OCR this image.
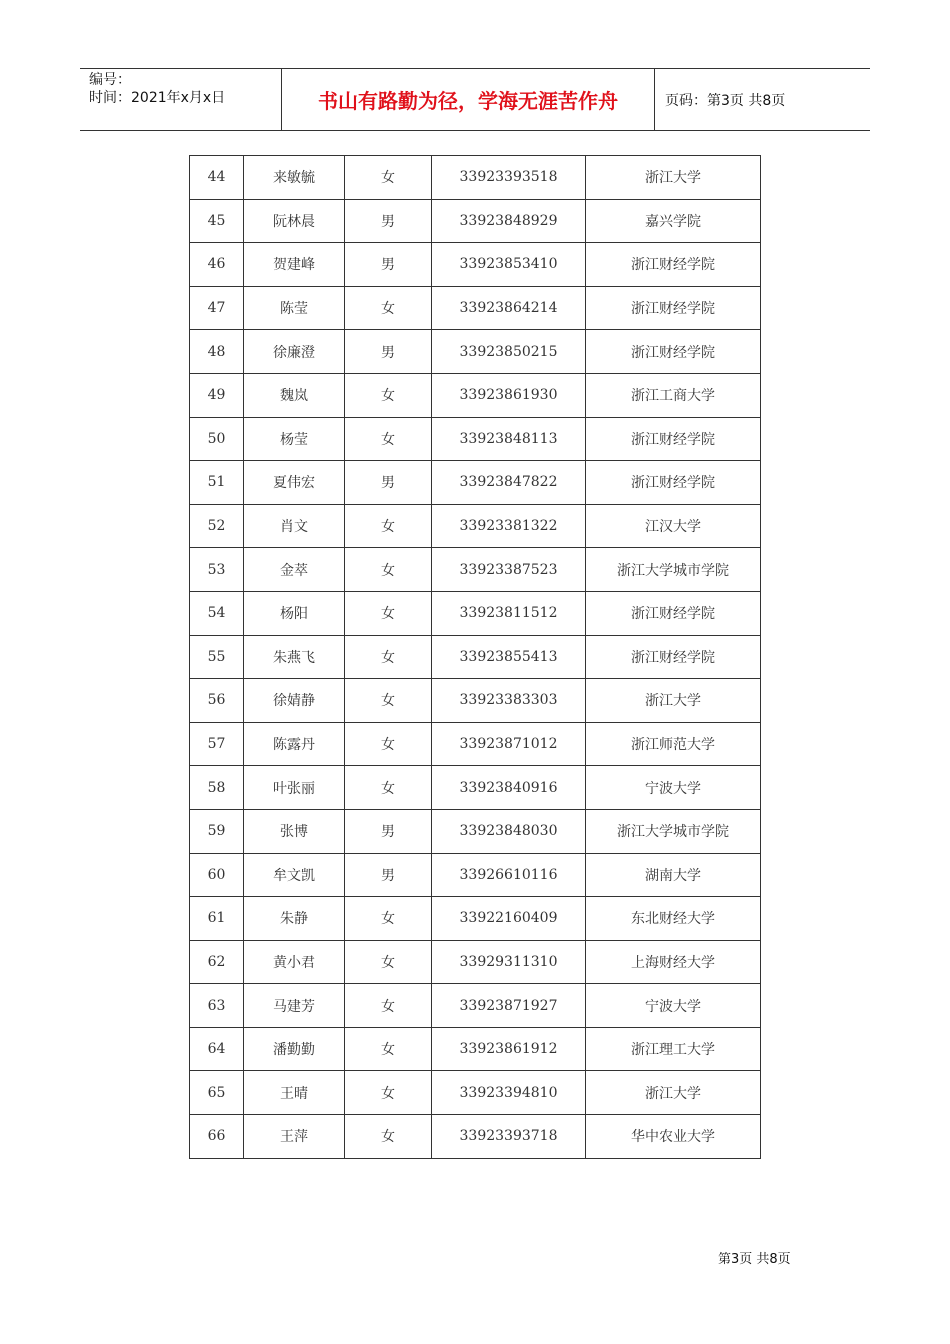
编号：
时间：2021年x月x日	书山有路勤为径，学海无涯苦作舟	页码：第3页 共8页
44	来敏毓	女	33923393518	浙江大学
45	阮林晨	男	33923848929	嘉兴学院
46	贺建峰	男	33923853410	浙江财经学院
47	陈莹	女	33923864214	浙江财经学院
48	徐廉澄	男	33923850215	浙江财经学院
49	魏岚	女	33923861930	浙江工商大学
50	杨莹	女	33923848113	浙江财经学院
51	夏伟宏	男	33923847822	浙江财经学院
52	肖文	女	33923381322	江汉大学
53	金萃	女	33923387523	浙江大学城市学院
54	杨阳	女	33923811512	浙江财经学院
55	朱燕飞	女	33923855413	浙江财经学院
56	徐婧静	女	33923383303	浙江大学
57	陈露丹	女	33923871012	浙江师范大学
58	叶张丽	女	33923840916	宁波大学
59	张博	男	33923848030	浙江大学城市学院
60	牟文凯	男	33926610116	湖南大学
61	朱静	女	33922160409	东北财经大学
62	黄小君	女	33929311310	上海财经大学
63	马建芳	女	33923871927	宁波大学
64	潘勤勤	女	33923861912	浙江理工大学
65	王晴	女	33923394810	浙江大学
66	王萍	女	33923393718	华中农业大学
第3页 共8页
